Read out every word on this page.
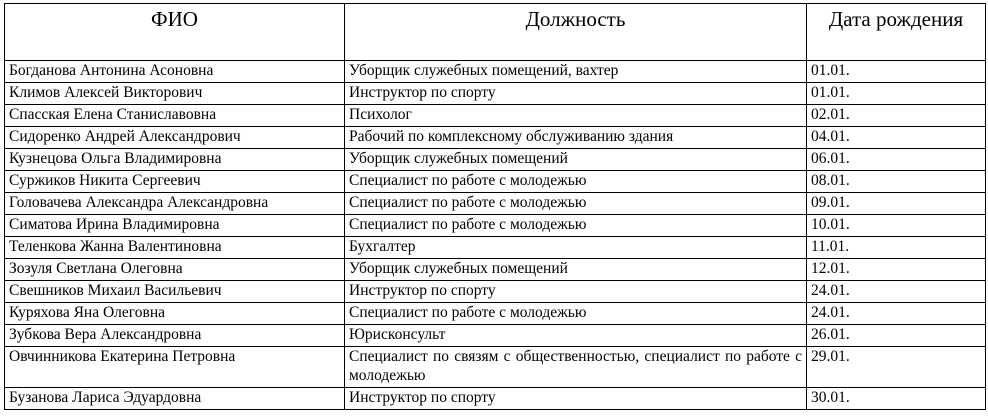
ФИО	Должность	Дата рождения
Богданова Антонина Асоновна	Уборщик служебных помещений, вахтер	01.01.
Климов Алексей Викторович	Инструктор по спорту	01.01.
Спасская Елена Станиславовна	Психолог	02.01.
Сидоренко Андрей Александрович	Рабочий по комплексному обслуживанию здания	04.01.
Кузнецова Ольга Владимировна	Уборщик служебных помещений	06.01.
Суржиков Никита Сергеевич	Специалист по работе с молодежью	08.01.
Головачева Александра Александровна	Специалист по работе с молодежью	09.01.
Симатова Ирина Владимировна	Специалист по работе с молодежью	10.01.
Теленкова Жанна Валентиновна	Бухгалтер	11.01.
Зозуля Светлана Олеговна	Уборщик служебных помещений	12.01.
Свешников Михаил Васильевич	Инструктор по спорту	24.01.
Куряхова Яна Олеговна	Специалист по работе с молодежью	24.01.
Зубкова Вера Александровна	Юрисконсульт	26.01.
Овчинникова Екатерина Петровна	Специалист по связям с общественностью, специалист по работе с молодежью	29.01.
Бузанова Лариса Эдуардовна	Инструктор по спорту	30.01.
